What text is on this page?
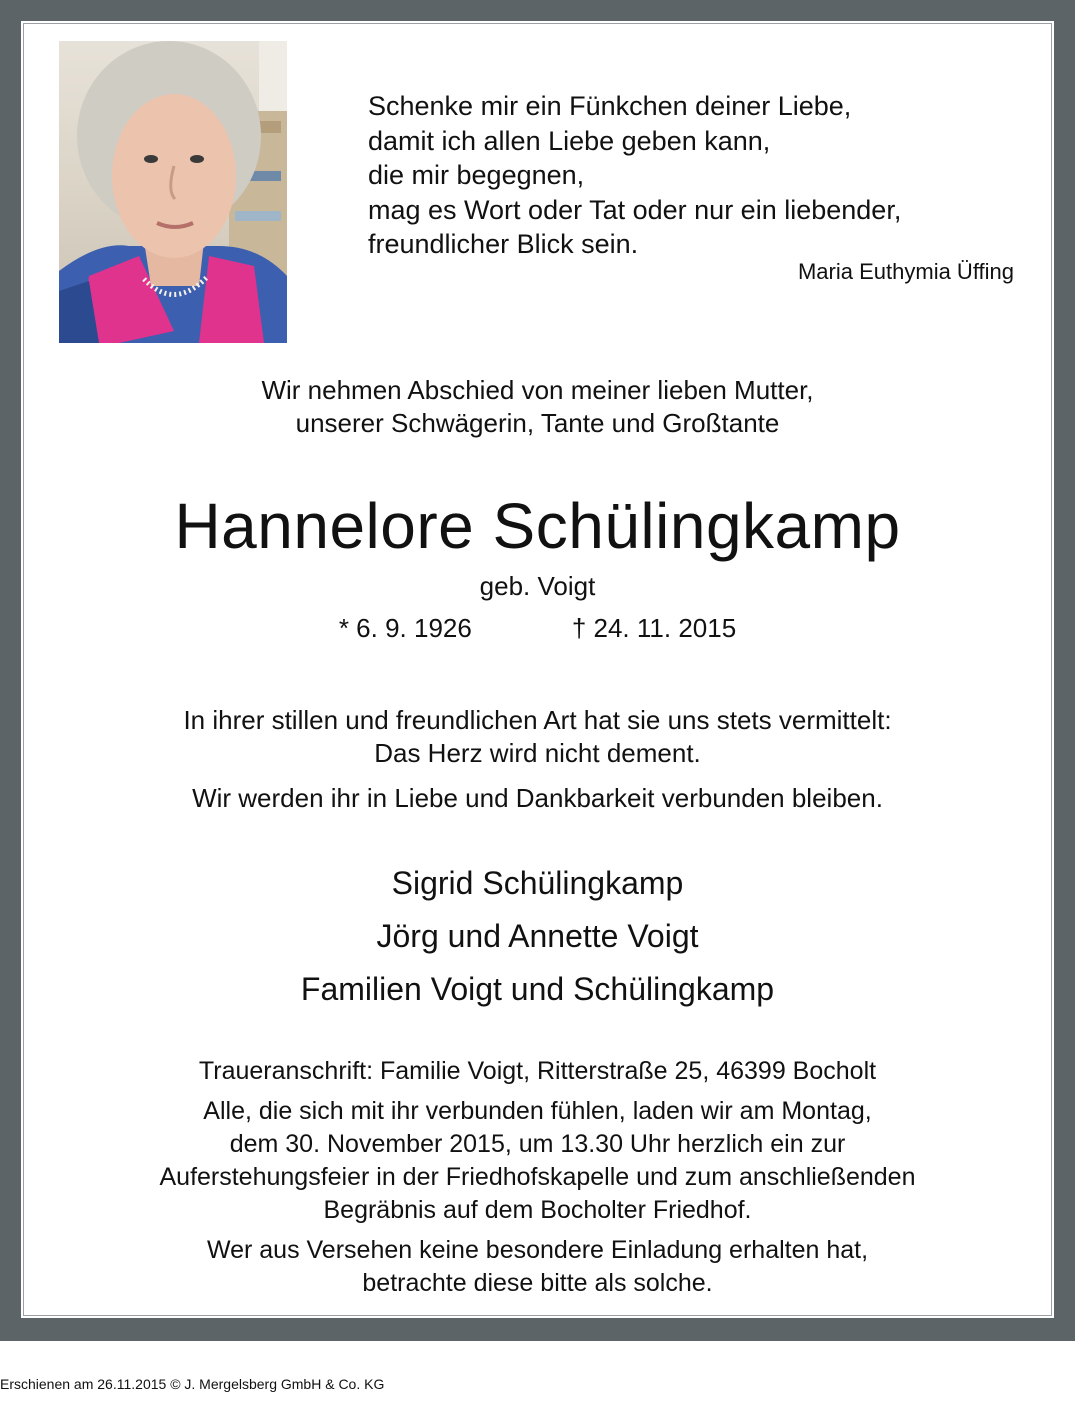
Schenke mir ein Fünkchen deiner Liebe,
damit ich allen Liebe geben kann,
die mir begegnen,
mag es Wort oder Tat oder nur ein liebender,
freundlicher Blick sein.
Maria Euthymia Üffing
Wir nehmen Abschied von meiner lieben Mutter,
unserer Schwägerin, Tante und Großtante
Hannelore Schülingkamp
geb. Voigt
* 6. 9. 1926	† 24. 11. 2015
In ihrer stillen und freundlichen Art hat sie uns stets vermittelt:
Das Herz wird nicht dement.
Wir werden ihr in Liebe und Dankbarkeit verbunden bleiben.
Sigrid Schülingkamp
Jörg und Annette Voigt
Familien Voigt und Schülingkamp
Traueranschrift: Familie Voigt, Ritterstraße 25, 46399 Bocholt
Alle, die sich mit ihr verbunden fühlen, laden wir am Montag,
dem 30. November 2015, um 13.30 Uhr herzlich ein zur
Auferstehungsfeier in der Friedhofskapelle und zum anschließenden
Begräbnis auf dem Bocholter Friedhof.
Wer aus Versehen keine besondere Einladung erhalten hat,
betrachte diese bitte als solche.
Erschienen am 26.11.2015 © J. Mergelsberg GmbH & Co. KG
